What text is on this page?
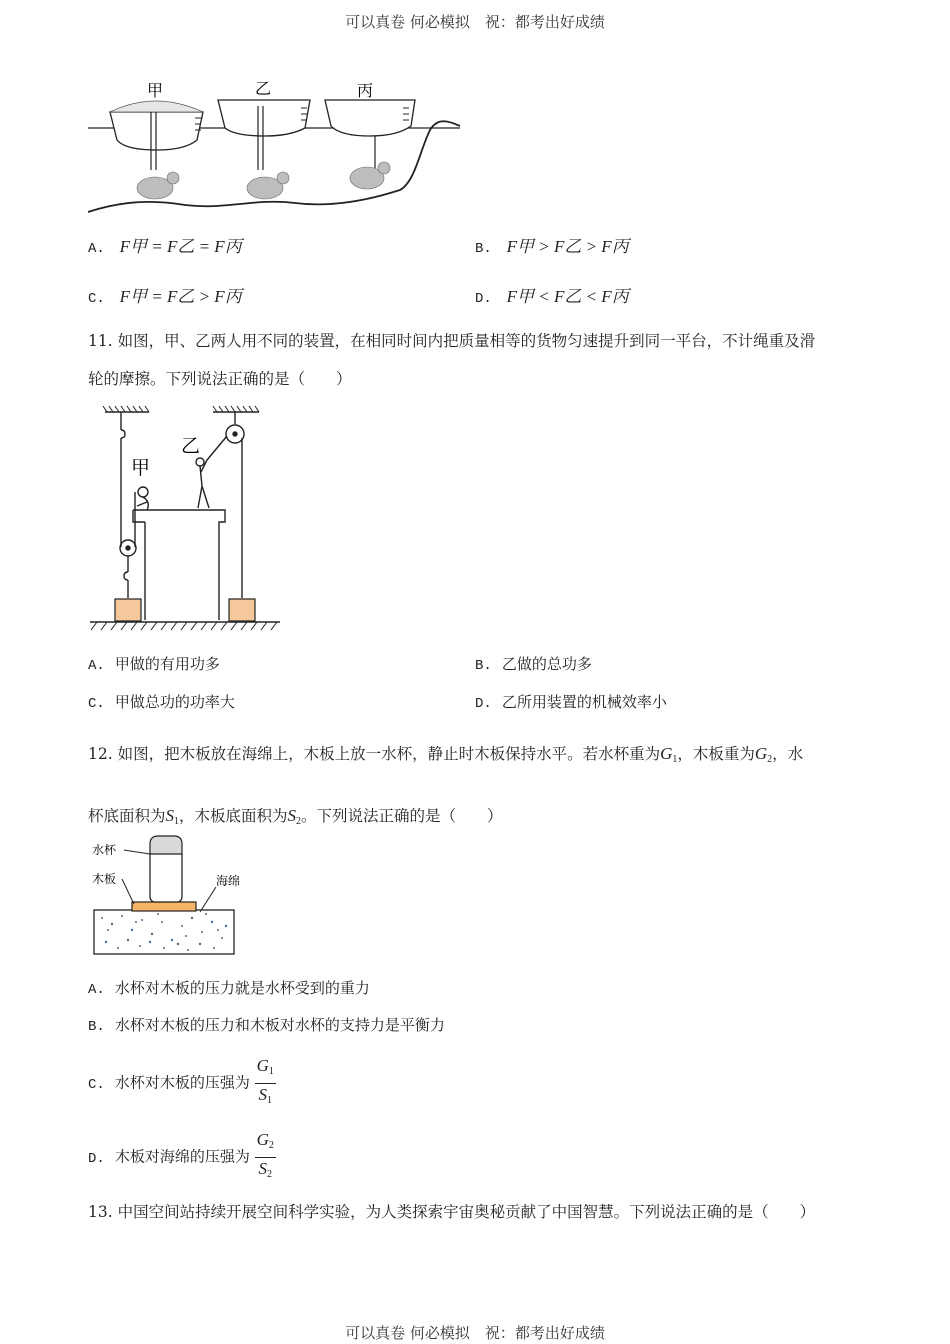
可以真卷 何必模拟　祝：都考出好成绩
甲	乙	丙
A. F甲 = F乙 = F丙	B. F甲 > F乙 > F丙
C. F甲 = F乙 > F丙	D. F甲 < F乙 < F丙
11. 如图，甲、乙两人用不同的装置，在相同时间内把质量相等的货物匀速提升到同一平台，不计绳重及滑
轮的摩擦。下列说法正确的是（　　）
甲
乙
A. 甲做的有用功多	B. 乙做的总功多
C. 甲做总功的功率大	D. 乙所用装置的机械效率小
12. 如图，把木板放在海绵上，木板上放一水杯，静止时木板保持水平。若水杯重为$G_1$，木板重为$G_2$，水
杯底面积为$S_1$，木板底面积为$S_2$。下列说法正确的是（　　）
水杯
木板	海绵
A. 水杯对木板的压力就是水杯受到的重力
B. 水杯对木板的压力和木板对水杯的支持力是平衡力
C. 水杯对木板的压强为 $\frac{G_1}{S_1}$
D. 木板对海绵的压强为 $\frac{G_2}{S_2}$
13. 中国空间站持续开展空间科学实验，为人类探索宇宙奥秘贡献了中国智慧。下列说法正确的是（　　）
可以真卷 何必模拟　祝：都考出好成绩
